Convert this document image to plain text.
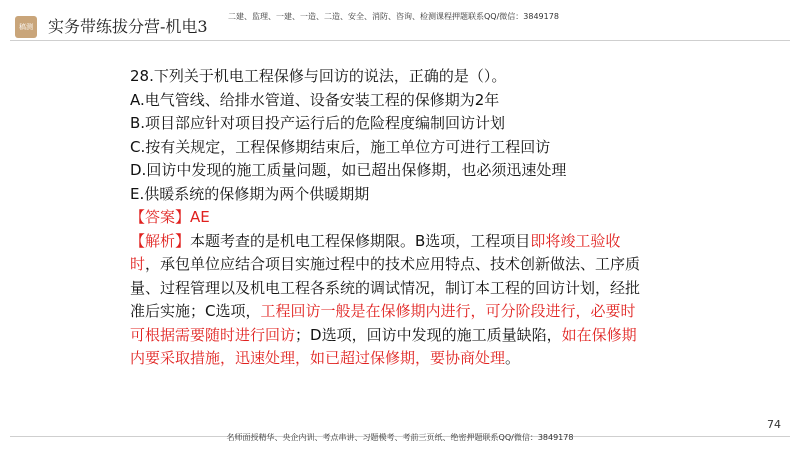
稿测 实务带练拔分营-机电3
二建、监理、一建、一造、二造、安全、消防、咨询、检测课程押题联系QQ/微信：3849178

28.下列关于机电工程保修与回访的说法，正确的是（）。

A.电气管线、给排水管道、设备安装工程的保修期为2年

B.项目部应针对项目投产运行后的危险程度编制回访计划

C.按有关规定，工程保修期结束后，施工单位方可进行工程回访

D.回访中发现的施工质量问题，如已超出保修期，也必须迅速处理

E.供暖系统的保修期为两个供暖期期

【答案】AE

【解析】本题考查的是机电工程保修期限。B选项，工程项目即将竣工验收时，承包单位应结合项目实施过程中的技术应用特点、技术创新做法、工序质量、过程管理以及机电工程各系统的调试情况，制订本工程的回访计划，经批准后实施；C选项，工程回访一般是在保修期内进行，可分阶段进行，必要时可根据需要随时进行回访；D选项，回访中发现的施工质量缺陷，如在保修期内要采取措施，迅速处理，如已超过保修期，要协商处理。

74
名师面授精华、央企内训、考点串讲、习题模考、考前三页纸、绝密押题联系QQ/微信：3849178
